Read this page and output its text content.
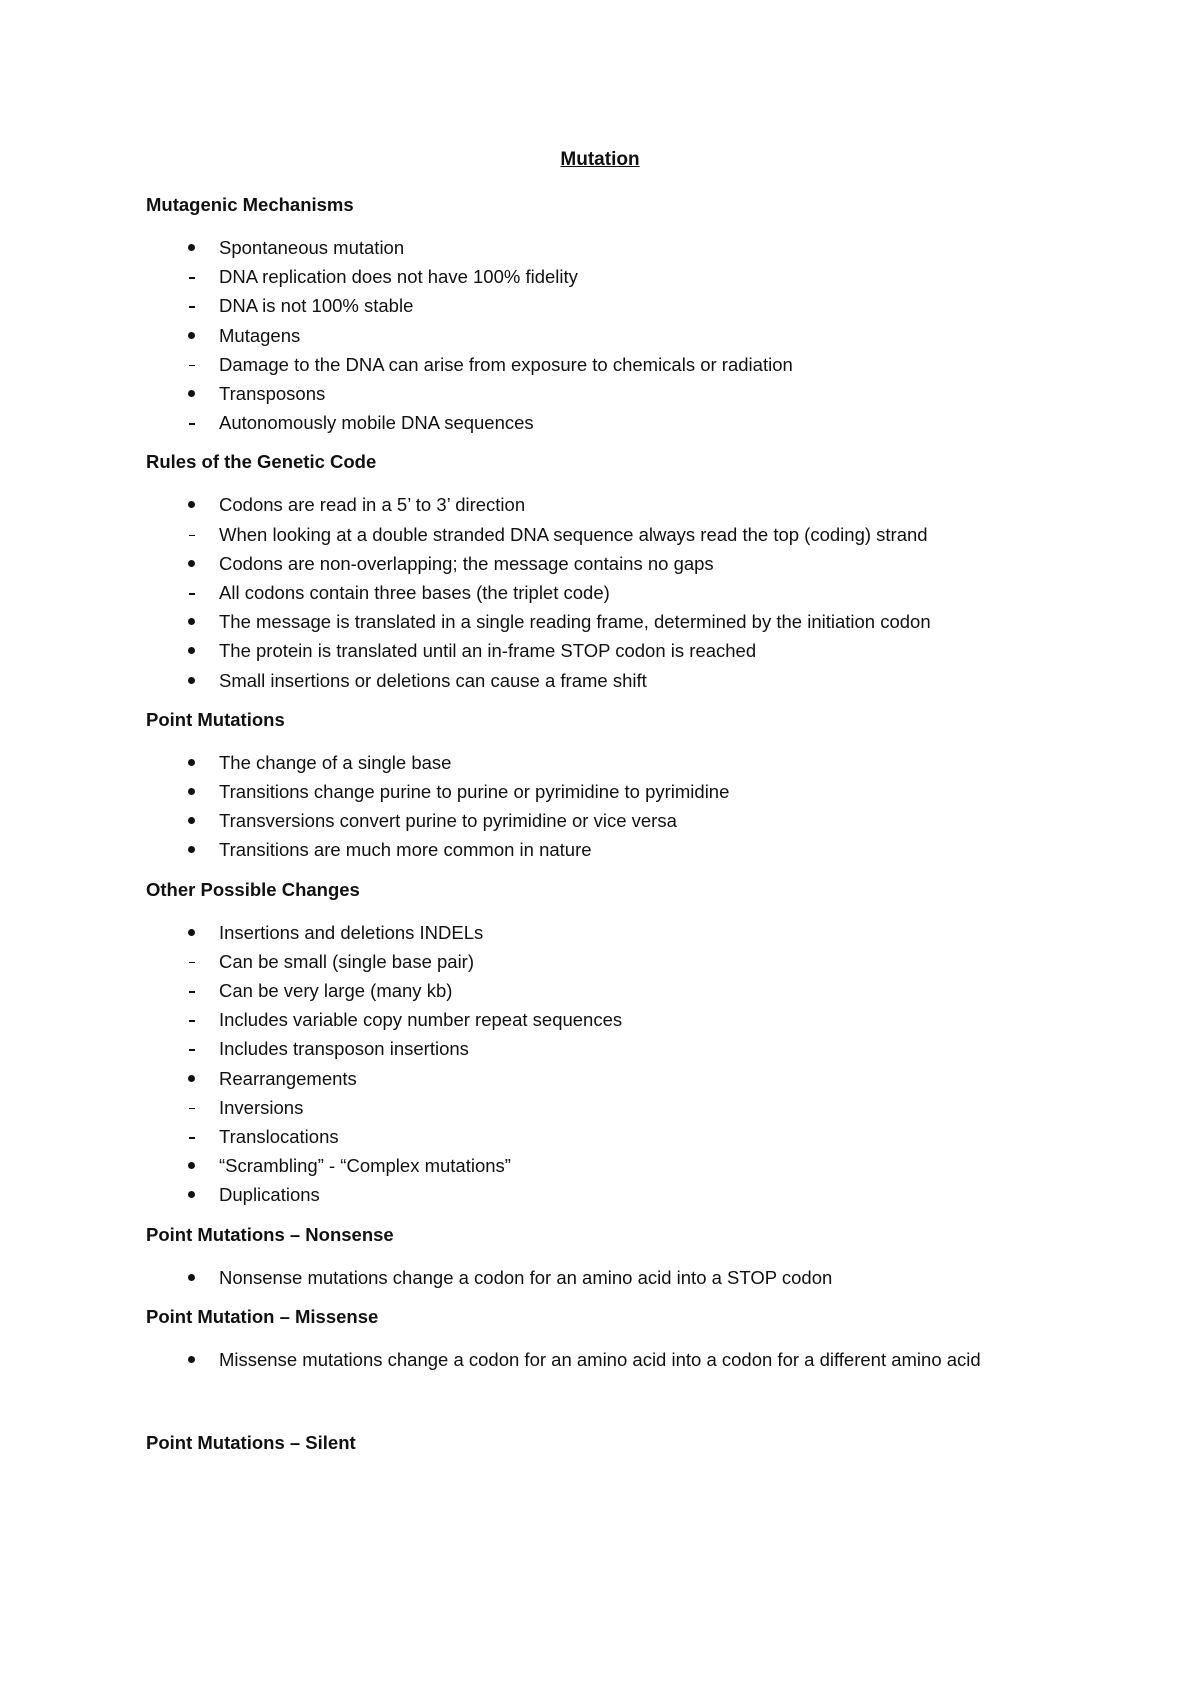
Mutation
Mutagenic Mechanisms
Spontaneous mutation
DNA replication does not have 100% fidelity
DNA is not 100% stable
Mutagens
Damage to the DNA can arise from exposure to chemicals or radiation
Transposons
Autonomously mobile DNA sequences
Rules of the Genetic Code
Codons are read in a 5’ to 3’ direction
When looking at a double stranded DNA sequence always read the top (coding) strand
Codons are non-overlapping; the message contains no gaps
All codons contain three bases (the triplet code)
The message is translated in a single reading frame, determined by the initiation codon
The protein is translated until an in-frame STOP codon is reached
Small insertions or deletions can cause a frame shift
Point Mutations
The change of a single base
Transitions change purine to purine or pyrimidine to pyrimidine
Transversions convert purine to pyrimidine or vice versa
Transitions are much more common in nature
Other Possible Changes
Insertions and deletions INDELs
Can be small (single base pair)
Can be very large (many kb)
Includes variable copy number repeat sequences
Includes transposon insertions
Rearrangements
Inversions
Translocations
“Scrambling” - “Complex mutations”
Duplications
Point Mutations – Nonsense
Nonsense mutations change a codon for an amino acid into a STOP codon
Point Mutation – Missense
Missense mutations change a codon for an amino acid into a codon for a different amino acid
Point Mutations – Silent
